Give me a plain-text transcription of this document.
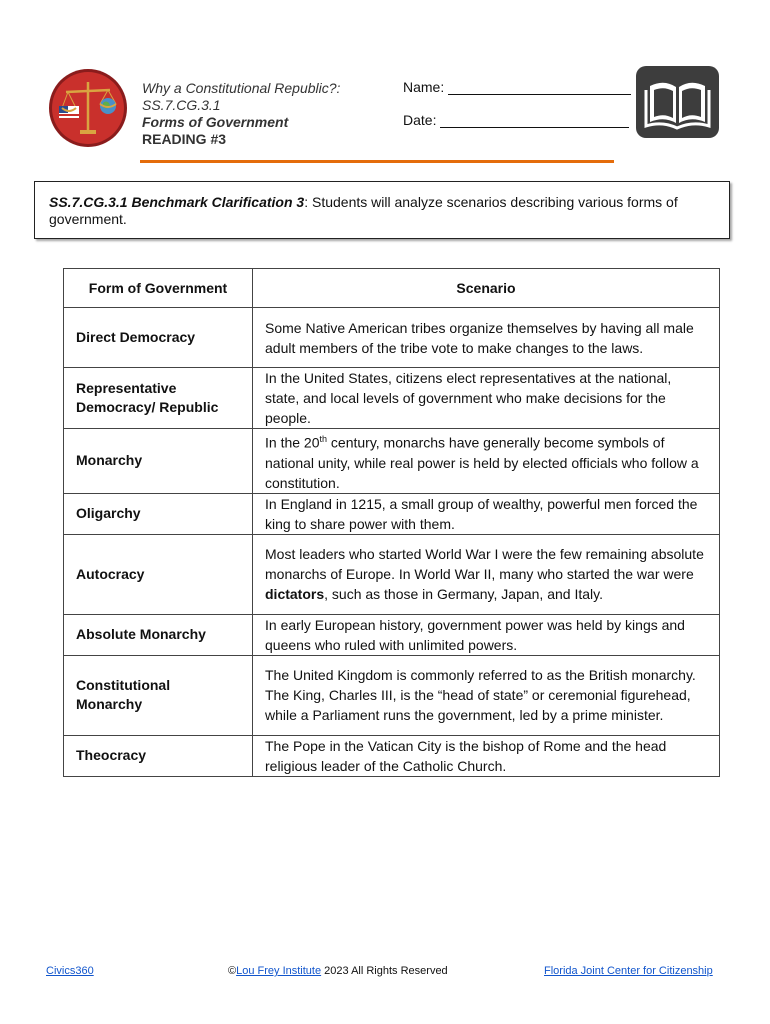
Why a Constitutional Republic?:
SS.7.CG.3.1
Forms of Government
READING #3
Name:
Date:
SS.7.CG.3.1 Benchmark Clarification 3: Students will analyze scenarios describing various forms of government.
Form of Government	Scenario
Direct Democracy	Some Native American tribes organize themselves by having all male adult members of the tribe vote to make changes to the laws.
Representative Democracy/ Republic	In the United States, citizens elect representatives at the national, state, and local levels of government who make decisions for the people.
Monarchy	In the 20th century, monarchs have generally become symbols of national unity, while real power is held by elected officials who follow a constitution.
Oligarchy	In England in 1215, a small group of wealthy, powerful men forced the king to share power with them.
Autocracy	Most leaders who started World War I were the few remaining absolute monarchs of Europe. In World War II, many who started the war were dictators, such as those in Germany, Japan, and Italy.
Absolute Monarchy	In early European history, government power was held by kings and queens who ruled with unlimited powers.
Constitutional Monarchy	The United Kingdom is commonly referred to as the British monarchy. The King, Charles III, is the “head of state” or ceremonial figurehead, while a Parliament runs the government, led by a prime minister.
Theocracy	The Pope in the Vatican City is the bishop of Rome and the head religious leader of the Catholic Church.
Civics360	©Lou Frey Institute 2023 All Rights Reserved	Florida Joint Center for Citizenship
